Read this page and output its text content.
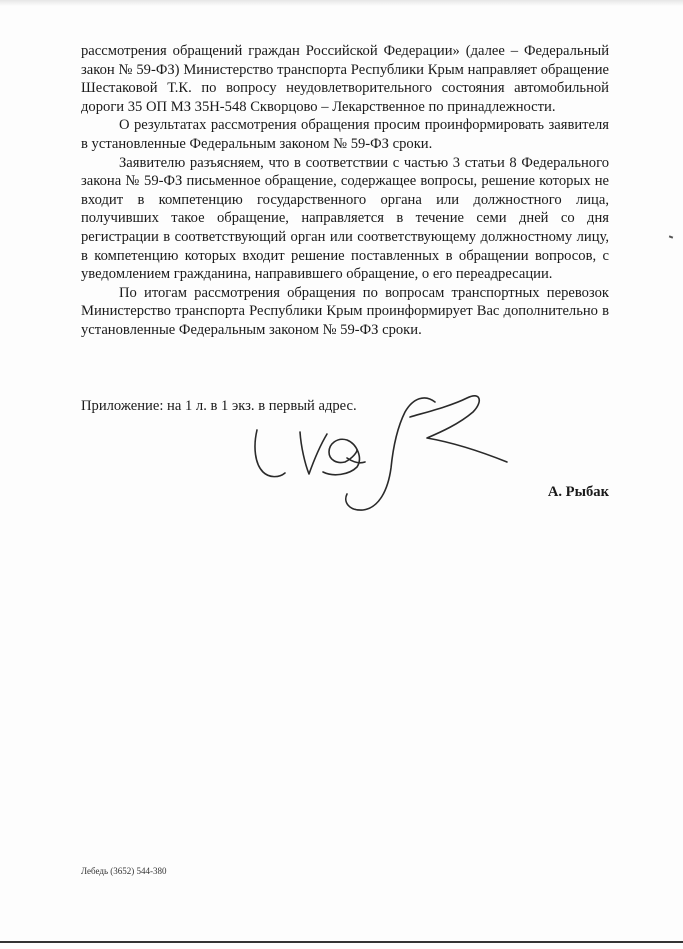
рассмотрения обращений граждан Российской Федерации» (далее – Федеральный закон № 59-ФЗ) Министерство транспорта Республики Крым направляет обращение Шестаковой Т.К. по вопросу неудовлетворительного состояния автомобильной дороги 35 ОП МЗ 35Н-548 Скворцово – Лекарственное по принадлежности.

О результатах рассмотрения обращения просим проинформировать заявителя в установленные Федеральным законом № 59-ФЗ сроки.

Заявителю разъясняем, что в соответствии с частью 3 статьи 8 Федерального закона № 59-ФЗ письменное обращение, содержащее вопросы, решение которых не входит в компетенцию государственного органа или должностного лица, получивших такое обращение, направляется в течение семи дней со дня регистрации в соответствующий орган или соответствующему должностному лицу, в компетенцию которых входит решение поставленных в обращении вопросов, с уведомлением гражданина, направившего обращение, о его переадресации.

По итогам рассмотрения обращения по вопросам транспортных перевозок Министерство транспорта Республики Крым проинформирует Вас дополнительно в установленные Федеральным законом № 59-ФЗ сроки.

Приложение: на 1 л. в 1 экз. в первый адрес.
А. Рыбак
Лебедь (3652) 544-380
